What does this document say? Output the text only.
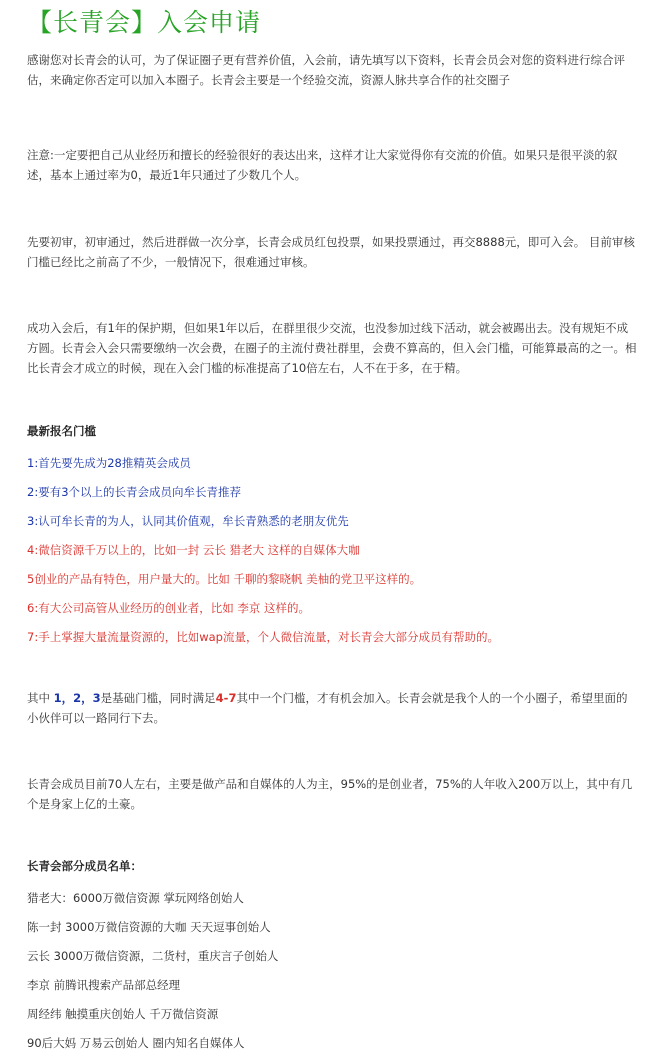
【长青会】入会申请

感谢您对长青会的认可，为了保证圈子更有营养价值，入会前，请先填写以下资料，长青会员会对您的资料进行综合评估，来确定你否定可以加入本圈子。长青会主要是一个经验交流，资源人脉共享合作的社交圈子

注意:一定要把自己从业经历和擅长的经验很好的表达出来，这样才让大家觉得你有交流的价值。如果只是很平淡的叙述，基本上通过率为0，最近1年只通过了少数几个人。

先要初审，初审通过，然后进群做一次分享，长青会成员红包投票，如果投票通过，再交8888元，即可入会。 目前审核门槛已经比之前高了不少，一般情况下，很难通过审核。

成功入会后，有1年的保护期，但如果1年以后，在群里很少交流，也没参加过线下活动，就会被踢出去。没有规矩不成方圆。长青会入会只需要缴纳一次会费，在圈子的主流付费社群里，会费不算高的，但入会门槛，可能算最高的之一。相比长青会才成立的时候，现在入会门槛的标准提高了10倍左右，人不在于多，在于精。

最新报名门槛

1:首先要先成为28推精英会成员

2:要有3个以上的长青会成员向牟长青推荐

3:认可牟长青的为人，认同其价值观，牟长青熟悉的老朋友优先

4:微信资源千万以上的，比如一封 云长 猎老大 这样的自媒体大咖

5创业的产品有特色，用户量大的。比如 千聊的黎晓帆 美柚的党卫平这样的。

6:有大公司高管从业经历的创业者，比如 李京 这样的。

7:手上掌握大量流量资源的，比如wap流量，个人微信流量，对长青会大部分成员有帮助的。

其中 1，2，3是基础门槛，同时满足4-7其中一个门槛，才有机会加入。长青会就是我个人的一个小圈子，希望里面的小伙伴可以一路同行下去。

长青会成员目前70人左右，主要是做产品和自媒体的人为主，95%的是创业者，75%的人年收入200万以上，其中有几个是身家上亿的土豪。

长青会部分成员名单：

猎老大：6000万微信资源 掌玩网络创始人

陈一封 3000万微信资源的大咖 天天逗事创始人

云长 3000万微信资源，二货村，重庆言子创始人

李京 前腾讯搜索产品部总经理

周经纬 触摸重庆创始人 千万微信资源

90后大妈 万易云创始人 圈内知名自媒体人
